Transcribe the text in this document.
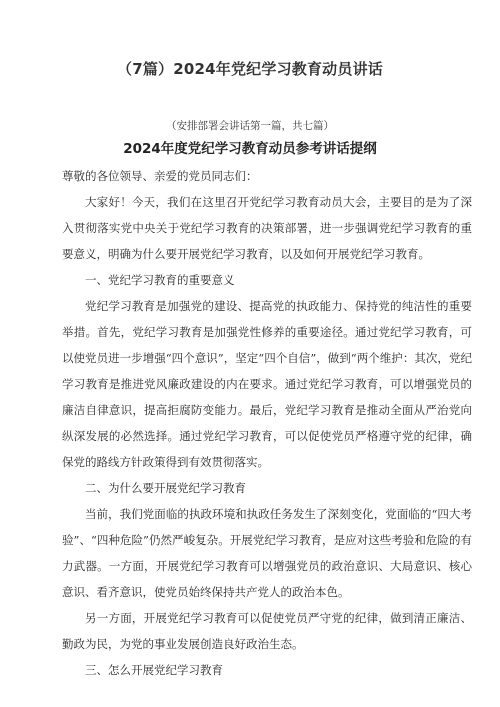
（7篇）2024年党纪学习教育动员讲话
（安排部署会讲话第一篇，共七篇）
2024年度党纪学习教育动员参考讲话提纲

尊敬的各位领导、亲爱的党员同志们：

大家好！今天，我们在这里召开党纪学习教育动员大会，主要目的是为了深入贯彻落实党中央关于党纪学习教育的决策部署，进一步强调党纪学习教育的重要意义，明确为什么要开展党纪学习教育，以及如何开展党纪学习教育。

一、党纪学习教育的重要意义

党纪学习教育是加强党的建设、提高党的执政能力、保持党的纯洁性的重要举措。首先，党纪学习教育是加强党性修养的重要途径。通过党纪学习教育，可以使党员进一步增强“四个意识”，坚定“四个自信”，做到“两个维护：其次，党纪学习教育是推进党风廉政建设的内在要求。通过党纪学习教育，可以增强党员的廉洁自律意识，提高拒腐防变能力。最后，党纪学习教育是推动全面从严治党向纵深发展的必然选择。通过党纪学习教育，可以促使党员严格遵守党的纪律，确保党的路线方针政策得到有效贯彻落实。

二、为什么要开展党纪学习教育

当前，我们党面临的执政环境和执政任务发生了深刻变化，党面临的“四大考验”、“四种危险”仍然严峻复杂。开展党纪学习教育，是应对这些考验和危险的有力武器。一方面，开展党纪学习教育可以增强党员的政治意识、大局意识、核心意识、看齐意识，使党员始终保持共产党人的政治本色。

另一方面，开展党纪学习教育可以促使党员严守党的纪律，做到清正廉洁、勤政为民，为党的事业发展创造良好政治生态。

三、怎么开展党纪学习教育
